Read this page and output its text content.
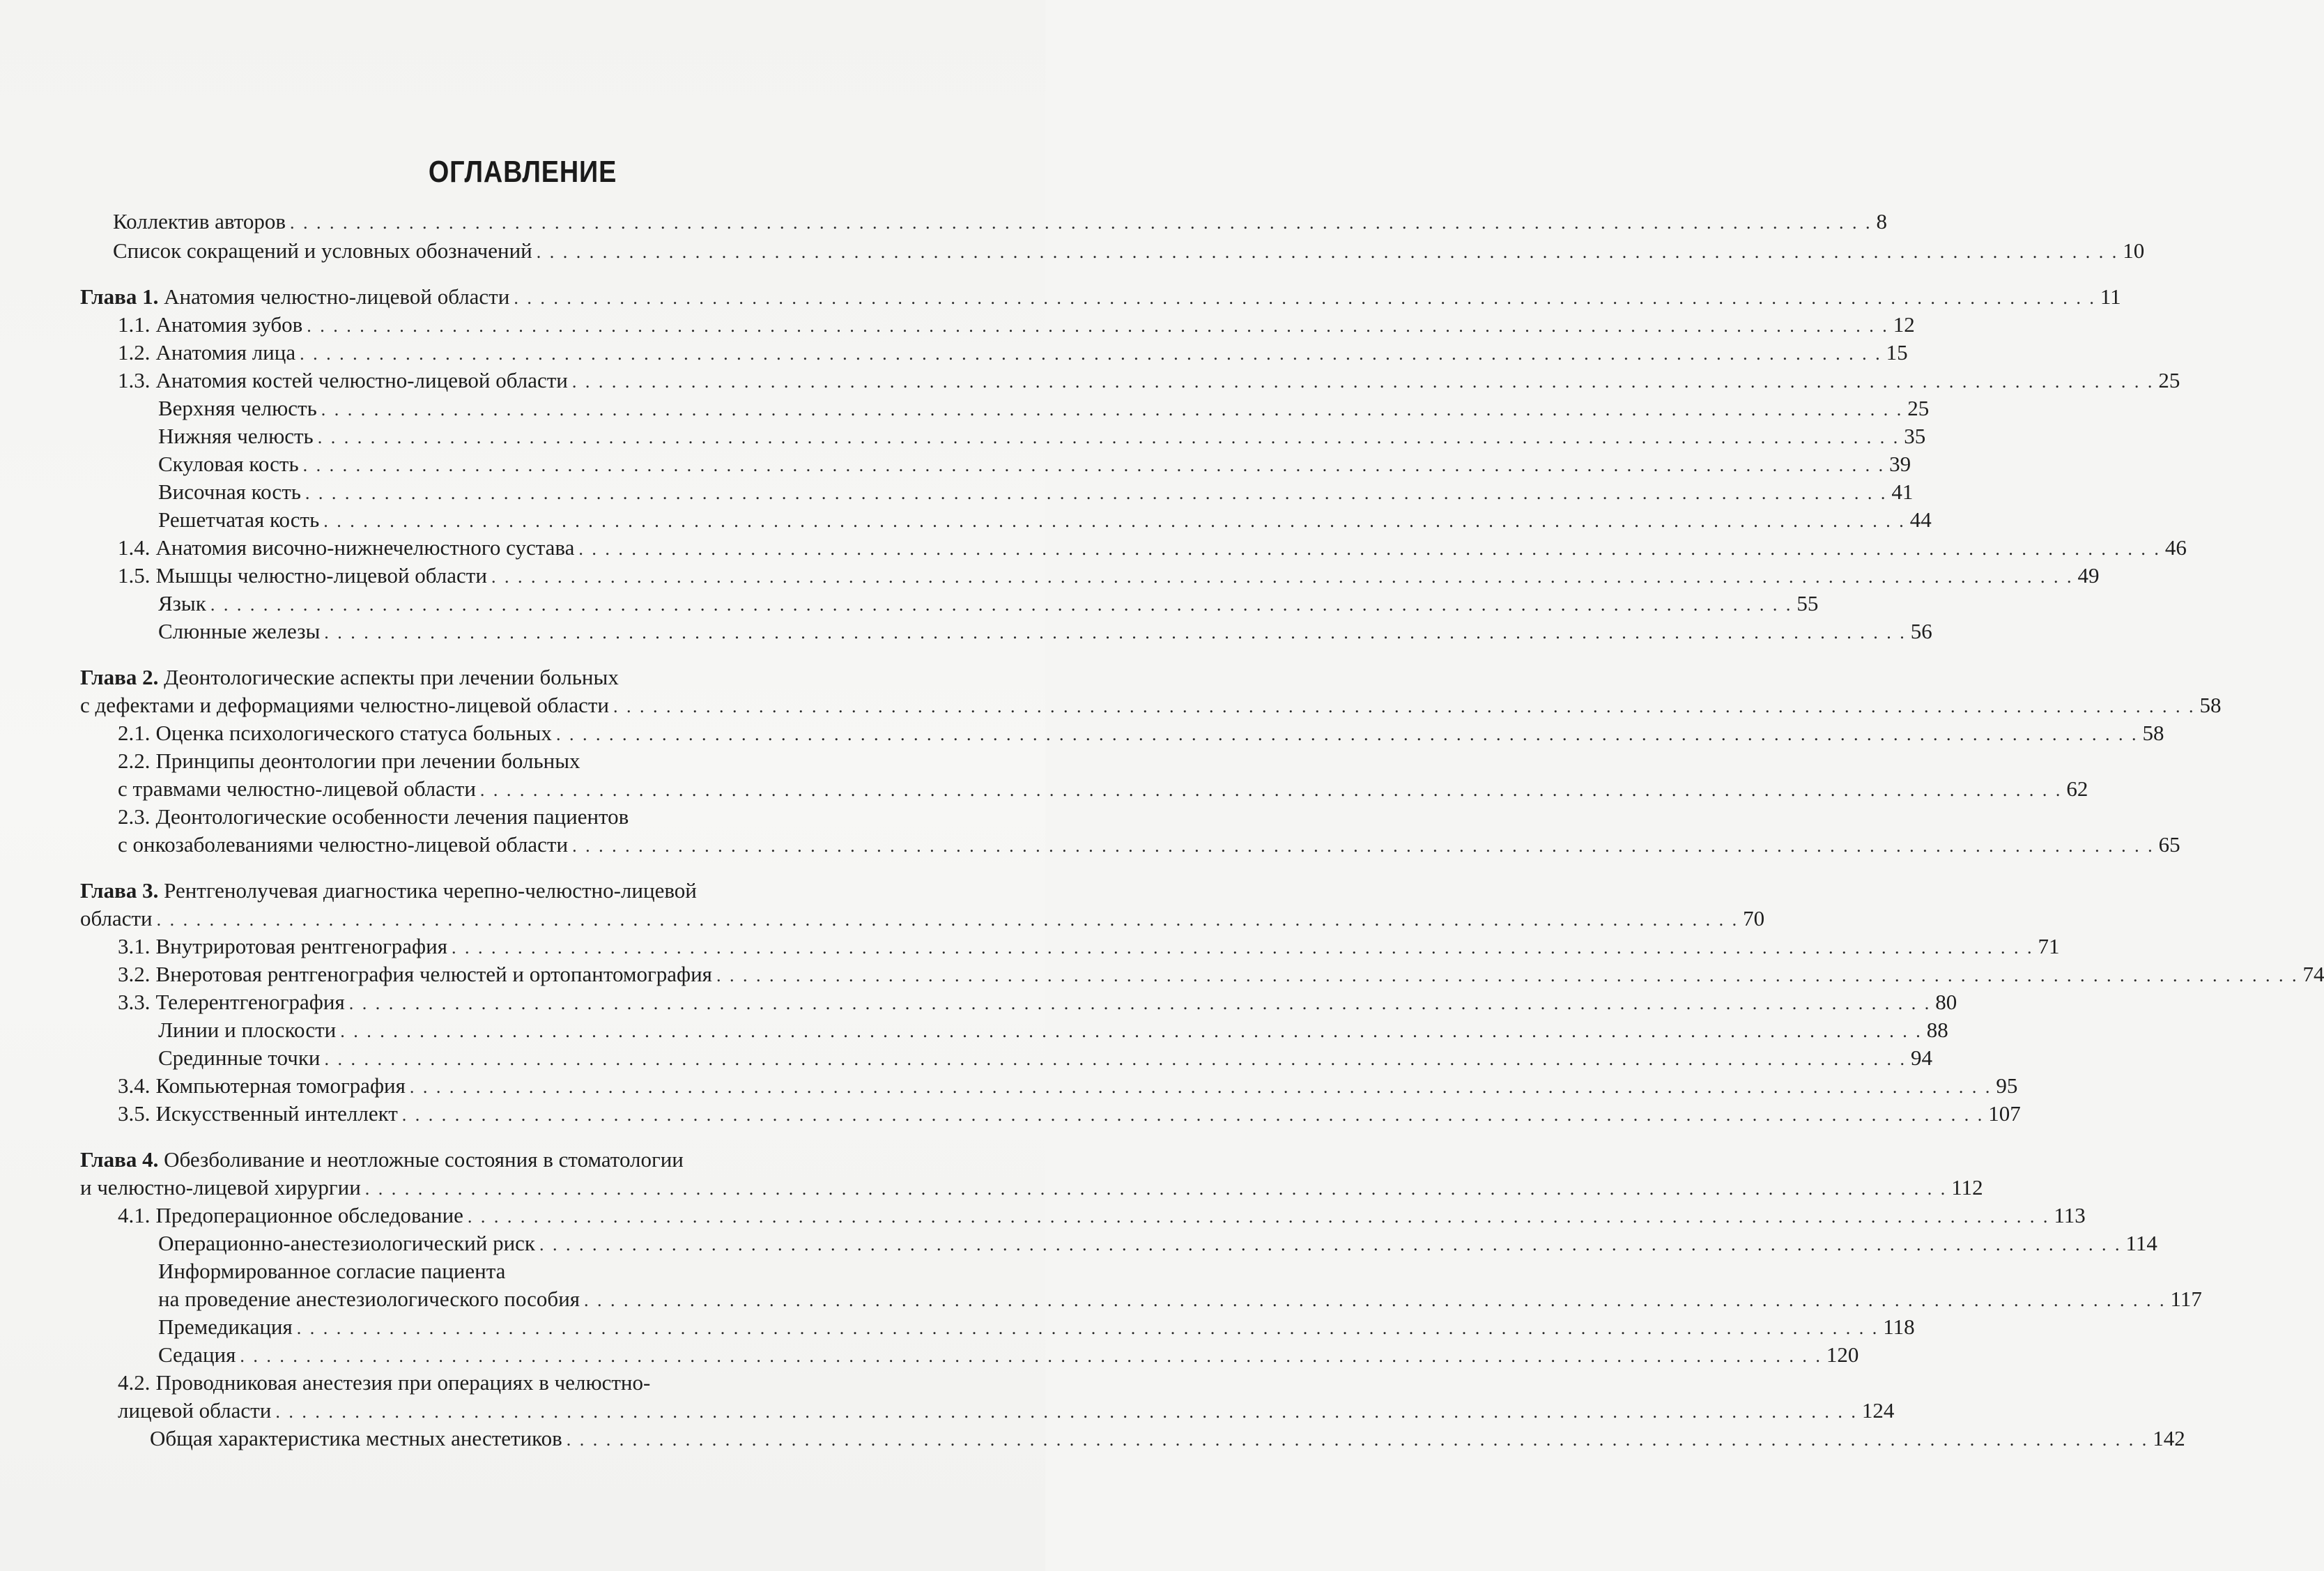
ОГЛАВЛЕНИЕ
Коллектив авторов . . . . . . . . . . . . . . . . . . . . . . . . . . . . . . . . . . . . . . . . . . . . . . . . . . . . . . . . . . . . . . . . . . . . . . . . . . . . . . . . . . . . . . . . . . . . . . . . . . . . . . . . . . . . . . . . . . . . . . . . 8
Список сокращений и условных обозначений . . . . . . . . . . . . . . . . . . . . . . . . . . . . . . . . . . . . . . . . . . . . . . . . . . . . . . . . . . . . . . . . . . . . . . . . . . . . . . . . . . . . . . . . . . . . . . . . . . . . . . . . . . . . . . . . . . . . . . . . 10
Глава 1. Анатомия челюстно-лицевой области . . . . . . . . . . . . . . . . . . . . . . . . . . . . . . . . . . . . . . . . . . . . . . . . . . . . . . . . . . . . . . . . . . . . . . . . . . . . . . . . . . . . . . . . . . . . . . . . . . . . . . . . . . . . . . . . . . . . . . . . 11
1.1. Анатомия зубов . . . . . . . . . . . . . . . . . . . . . . . . . . . . . . . . . . . . . . . . . . . . . . . . . . . . . . . . . . . . . . . . . . . . . . . . . . . . . . . . . . . . . . . . . . . . . . . . . . . . . . . . . . . . . . . . . . . . . . . . 12
1.2. Анатомия лица . . . . . . . . . . . . . . . . . . . . . . . . . . . . . . . . . . . . . . . . . . . . . . . . . . . . . . . . . . . . . . . . . . . . . . . . . . . . . . . . . . . . . . . . . . . . . . . . . . . . . . . . . . . . . . . . . . . . . . . . 15
1.3. Анатомия костей челюстно-лицевой области . . . . . . . . . . . . . . . . . . . . . . . . . . . . . . . . . . . . . . . . . . . . . . . . . . . . . . . . . . . . . . . . . . . . . . . . . . . . . . . . . . . . . . . . . . . . . . . . . . . . . . . . . . . . . . . . . . . . . . . . 25
Верхняя челюсть . . . . . . . . . . . . . . . . . . . . . . . . . . . . . . . . . . . . . . . . . . . . . . . . . . . . . . . . . . . . . . . . . . . . . . . . . . . . . . . . . . . . . . . . . . . . . . . . . . . . . . . . . . . . . . . . . . . . . . . . 25
Нижняя челюсть . . . . . . . . . . . . . . . . . . . . . . . . . . . . . . . . . . . . . . . . . . . . . . . . . . . . . . . . . . . . . . . . . . . . . . . . . . . . . . . . . . . . . . . . . . . . . . . . . . . . . . . . . . . . . . . . . . . . . . . . 35
Скуловая кость . . . . . . . . . . . . . . . . . . . . . . . . . . . . . . . . . . . . . . . . . . . . . . . . . . . . . . . . . . . . . . . . . . . . . . . . . . . . . . . . . . . . . . . . . . . . . . . . . . . . . . . . . . . . . . . . . . . . . . . . 39
Височная кость . . . . . . . . . . . . . . . . . . . . . . . . . . . . . . . . . . . . . . . . . . . . . . . . . . . . . . . . . . . . . . . . . . . . . . . . . . . . . . . . . . . . . . . . . . . . . . . . . . . . . . . . . . . . . . . . . . . . . . . . 41
Решетчатая кость . . . . . . . . . . . . . . . . . . . . . . . . . . . . . . . . . . . . . . . . . . . . . . . . . . . . . . . . . . . . . . . . . . . . . . . . . . . . . . . . . . . . . . . . . . . . . . . . . . . . . . . . . . . . . . . . . . . . . . . . 44
1.4. Анатомия височно-нижнечелюстного сустава . . . . . . . . . . . . . . . . . . . . . . . . . . . . . . . . . . . . . . . . . . . . . . . . . . . . . . . . . . . . . . . . . . . . . . . . . . . . . . . . . . . . . . . . . . . . . . . . . . . . . . . . . . . . . . . . . . . . . . . . 46
1.5. Мышцы челюстно-лицевой области . . . . . . . . . . . . . . . . . . . . . . . . . . . . . . . . . . . . . . . . . . . . . . . . . . . . . . . . . . . . . . . . . . . . . . . . . . . . . . . . . . . . . . . . . . . . . . . . . . . . . . . . . . . . . . . . . . . . . . . . 49
Язык . . . . . . . . . . . . . . . . . . . . . . . . . . . . . . . . . . . . . . . . . . . . . . . . . . . . . . . . . . . . . . . . . . . . . . . . . . . . . . . . . . . . . . . . . . . . . . . . . . . . . . . . . . . . . . . . . . . . . . . . 55
Слюнные железы . . . . . . . . . . . . . . . . . . . . . . . . . . . . . . . . . . . . . . . . . . . . . . . . . . . . . . . . . . . . . . . . . . . . . . . . . . . . . . . . . . . . . . . . . . . . . . . . . . . . . . . . . . . . . . . . . . . . . . . . 56
Глава 2. Деонтологические аспекты при лечении больных
с дефектами и деформациями челюстно-лицевой области . . . . . . . . . . . . . . . . . . . . . . . . . . . . . . . . . . . . . . . . . . . . . . . . . . . . . . . . . . . . . . . . . . . . . . . . . . . . . . . . . . . . . . . . . . . . . . . . . . . . . . . . . . . . . . . . . . . . . . . . 58
2.1. Оценка психологического статуса больных . . . . . . . . . . . . . . . . . . . . . . . . . . . . . . . . . . . . . . . . . . . . . . . . . . . . . . . . . . . . . . . . . . . . . . . . . . . . . . . . . . . . . . . . . . . . . . . . . . . . . . . . . . . . . . . . . . . . . . . . 58
2.2. Принципы деонтологии при лечении больных
с травмами челюстно-лицевой области . . . . . . . . . . . . . . . . . . . . . . . . . . . . . . . . . . . . . . . . . . . . . . . . . . . . . . . . . . . . . . . . . . . . . . . . . . . . . . . . . . . . . . . . . . . . . . . . . . . . . . . . . . . . . . . . . . . . . . . . 62
2.3. Деонтологические особенности лечения пациентов
с онкозаболеваниями челюстно-лицевой области . . . . . . . . . . . . . . . . . . . . . . . . . . . . . . . . . . . . . . . . . . . . . . . . . . . . . . . . . . . . . . . . . . . . . . . . . . . . . . . . . . . . . . . . . . . . . . . . . . . . . . . . . . . . . . . . . . . . . . . . 65
Глава 3. Рентгенолучевая диагностика черепно-челюстно-лицевой
области . . . . . . . . . . . . . . . . . . . . . . . . . . . . . . . . . . . . . . . . . . . . . . . . . . . . . . . . . . . . . . . . . . . . . . . . . . . . . . . . . . . . . . . . . . . . . . . . . . . . . . . . . . . . . . . . . . . . . . . . 70
3.1. Внутриротовая рентгенография . . . . . . . . . . . . . . . . . . . . . . . . . . . . . . . . . . . . . . . . . . . . . . . . . . . . . . . . . . . . . . . . . . . . . . . . . . . . . . . . . . . . . . . . . . . . . . . . . . . . . . . . . . . . . . . . . . . . . . . . 71
3.2. Внеротовая рентгенография челюстей и ортопантомография . . . . . . . . . . . . . . . . . . . . . . . . . . . . . . . . . . . . . . . . . . . . . . . . . . . . . . . . . . . . . . . . . . . . . . . . . . . . . . . . . . . . . . . . . . . . . . . . . . . . . . . . . . . . . . . . . . . . . . . . 74
3.3. Телерентгенография . . . . . . . . . . . . . . . . . . . . . . . . . . . . . . . . . . . . . . . . . . . . . . . . . . . . . . . . . . . . . . . . . . . . . . . . . . . . . . . . . . . . . . . . . . . . . . . . . . . . . . . . . . . . . . . . . . . . . . . . 80
Линии и плоскости . . . . . . . . . . . . . . . . . . . . . . . . . . . . . . . . . . . . . . . . . . . . . . . . . . . . . . . . . . . . . . . . . . . . . . . . . . . . . . . . . . . . . . . . . . . . . . . . . . . . . . . . . . . . . . . . . . . . . . . . 88
Срединные точки . . . . . . . . . . . . . . . . . . . . . . . . . . . . . . . . . . . . . . . . . . . . . . . . . . . . . . . . . . . . . . . . . . . . . . . . . . . . . . . . . . . . . . . . . . . . . . . . . . . . . . . . . . . . . . . . . . . . . . . . 94
3.4. Компьютерная томография . . . . . . . . . . . . . . . . . . . . . . . . . . . . . . . . . . . . . . . . . . . . . . . . . . . . . . . . . . . . . . . . . . . . . . . . . . . . . . . . . . . . . . . . . . . . . . . . . . . . . . . . . . . . . . . . . . . . . . . . 95
3.5. Искусственный интеллект . . . . . . . . . . . . . . . . . . . . . . . . . . . . . . . . . . . . . . . . . . . . . . . . . . . . . . . . . . . . . . . . . . . . . . . . . . . . . . . . . . . . . . . . . . . . . . . . . . . . . . . . . . . . . . . . . . . . . . . . 107
Глава 4. Обезболивание и неотложные состояния в стоматологии
и челюстно-лицевой хирургии . . . . . . . . . . . . . . . . . . . . . . . . . . . . . . . . . . . . . . . . . . . . . . . . . . . . . . . . . . . . . . . . . . . . . . . . . . . . . . . . . . . . . . . . . . . . . . . . . . . . . . . . . . . . . . . . . . . . . . . . 112
4.1. Предоперационное обследование . . . . . . . . . . . . . . . . . . . . . . . . . . . . . . . . . . . . . . . . . . . . . . . . . . . . . . . . . . . . . . . . . . . . . . . . . . . . . . . . . . . . . . . . . . . . . . . . . . . . . . . . . . . . . . . . . . . . . . . . 113
Операционно-анестезиологический риск . . . . . . . . . . . . . . . . . . . . . . . . . . . . . . . . . . . . . . . . . . . . . . . . . . . . . . . . . . . . . . . . . . . . . . . . . . . . . . . . . . . . . . . . . . . . . . . . . . . . . . . . . . . . . . . . . . . . . . . . 114
Информированное согласие пациента
на проведение анестезиологического пособия . . . . . . . . . . . . . . . . . . . . . . . . . . . . . . . . . . . . . . . . . . . . . . . . . . . . . . . . . . . . . . . . . . . . . . . . . . . . . . . . . . . . . . . . . . . . . . . . . . . . . . . . . . . . . . . . . . . . . . . . 117
Премедикация . . . . . . . . . . . . . . . . . . . . . . . . . . . . . . . . . . . . . . . . . . . . . . . . . . . . . . . . . . . . . . . . . . . . . . . . . . . . . . . . . . . . . . . . . . . . . . . . . . . . . . . . . . . . . . . . . . . . . . . . 118
Седация . . . . . . . . . . . . . . . . . . . . . . . . . . . . . . . . . . . . . . . . . . . . . . . . . . . . . . . . . . . . . . . . . . . . . . . . . . . . . . . . . . . . . . . . . . . . . . . . . . . . . . . . . . . . . . . . . . . . . . . . 120
4.2. Проводниковая анестезия при операциях в челюстно-
лицевой области . . . . . . . . . . . . . . . . . . . . . . . . . . . . . . . . . . . . . . . . . . . . . . . . . . . . . . . . . . . . . . . . . . . . . . . . . . . . . . . . . . . . . . . . . . . . . . . . . . . . . . . . . . . . . . . . . . . . . . . . 124
Общая характеристика местных анестетиков . . . . . . . . . . . . . . . . . . . . . . . . . . . . . . . . . . . . . . . . . . . . . . . . . . . . . . . . . . . . . . . . . . . . . . . . . . . . . . . . . . . . . . . . . . . . . . . . . . . . . . . . . . . . . . . . . . . . . . . . 142
